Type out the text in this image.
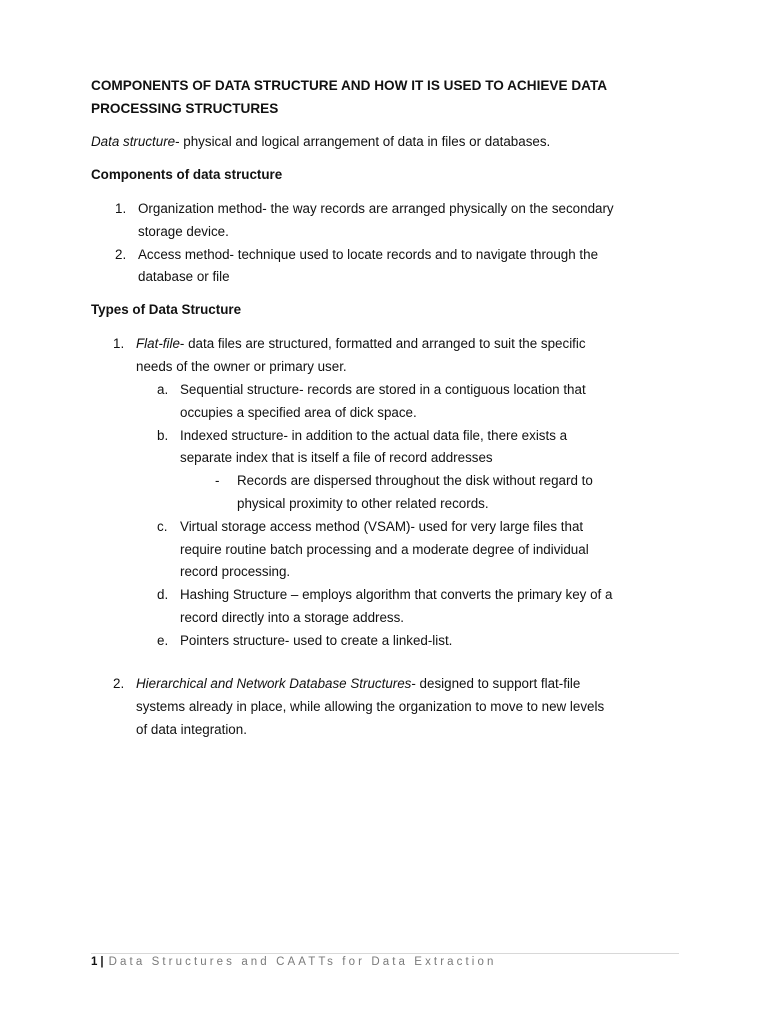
COMPONENTS OF DATA STRUCTURE AND HOW IT IS USED TO ACHIEVE DATA
PROCESSING STRUCTURES
Data structure- physical and logical arrangement of data in files or databases.
Components of data structure
1. Organization method- the way records are arranged physically on the secondary
storage device.
2. Access method- technique used to locate records and to navigate through the
database or file
Types of Data Structure
1. Flat-file- data files are structured, formatted and arranged to suit the specific
needs of the owner or primary user.
a. Sequential structure- records are stored in a contiguous location that
occupies a specified area of dick space.
b. Indexed structure- in addition to the actual data file, there exists a
separate index that is itself a file of record addresses
- Records are dispersed throughout the disk without regard to
physical proximity to other related records.
c. Virtual storage access method (VSAM)- used for very large files that
require routine batch processing and a moderate degree of individual
record processing.
d. Hashing Structure – employs algorithm that converts the primary key of a
record directly into a storage address.
e. Pointers structure- used to create a linked-list.
2. Hierarchical and Network Database Structures- designed to support flat-file
systems already in place, while allowing the organization to move to new levels
of data integration.
1 | Data Structures and CAATTs for Data Extraction
